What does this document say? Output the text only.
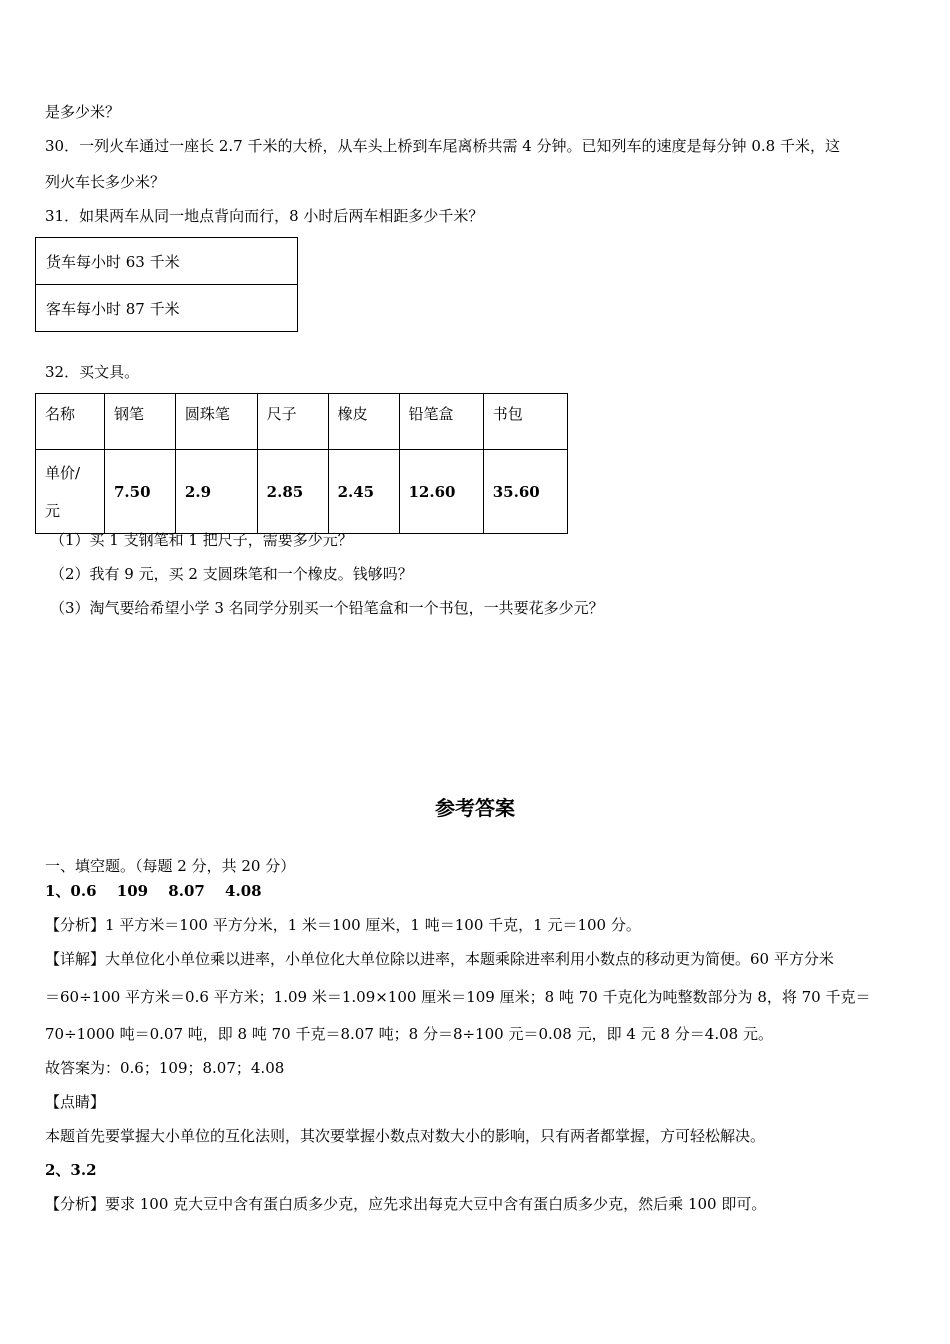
是多少米？
30．一列火车通过一座长 2.7 千米的大桥，从车头上桥到车尾离桥共需 4 分钟。已知列车的速度是每分钟 0.8 千米，这
列火车长多少米？
31．如果两车从同一地点背向而行，8 小时后两车相距多少千米？
货车每小时 63 千米
客车每小时 87 千米
32．买文具。
名称	钢笔	圆珠笔	尺子	橡皮	铅笔盒	书包
单价/元	7.50	2.9	2.85	2.45	12.60	35.60
（1）买 1 支钢笔和 1 把尺子，需要多少元？
（2）我有 9 元，买 2 支圆珠笔和一个橡皮。钱够吗？
（3）淘气要给希望小学 3 名同学分别买一个铅笔盒和一个书包，一共要花多少元？
参考答案
一、填空题。（每题 2 分，共 20 分）
1、0.6　 109　 8.07　 4.08
【分析】1 平方米＝100 平方分米，1 米＝100 厘米，1 吨＝100 千克，1 元＝100 分。
【详解】大单位化小单位乘以进率，小单位化大单位除以进率，本题乘除进率利用小数点的移动更为简便。60 平方分米
＝60÷100 平方米＝0.6 平方米；1.09 米＝1.09×100 厘米＝109 厘米；8 吨 70 千克化为吨整数部分为 8，将 70 千克＝
70÷1000 吨＝0.07 吨，即 8 吨 70 千克＝8.07 吨；8 分＝8÷100 元＝0.08 元，即 4 元 8 分＝4.08 元。
故答案为：0.6；109；8.07；4.08
【点睛】
本题首先要掌握大小单位的互化法则，其次要掌握小数点对数大小的影响，只有两者都掌握，方可轻松解决。
2、3.2
【分析】要求 100 克大豆中含有蛋白质多少克，应先求出每克大豆中含有蛋白质多少克，然后乘 100 即可。
